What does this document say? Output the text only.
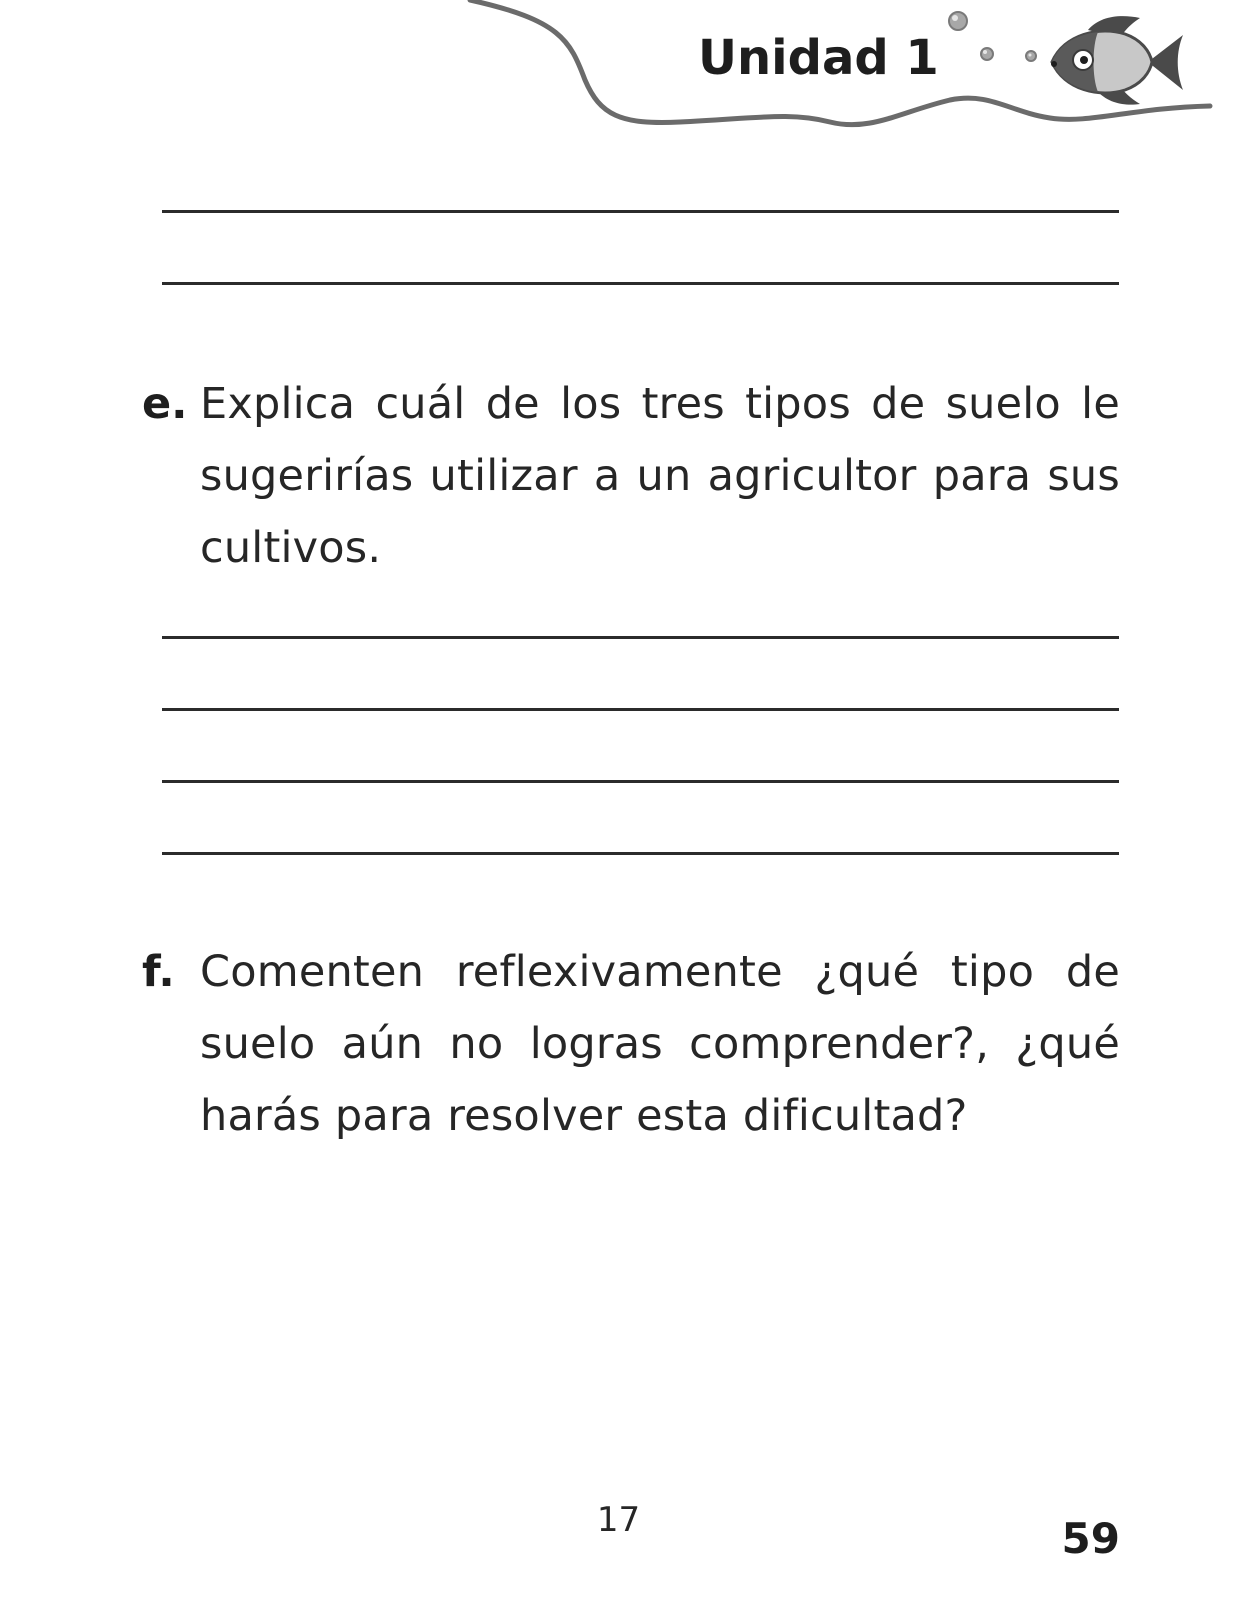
Unidad 1
e. Explica cuál de los tres tipos de suelo le sugerirías utilizar a un agricultor para sus cultivos.
f. Comenten reflexivamente ¿qué tipo de suelo aún no logras comprender?, ¿qué harás para resolver esta dificultad?
17	59
